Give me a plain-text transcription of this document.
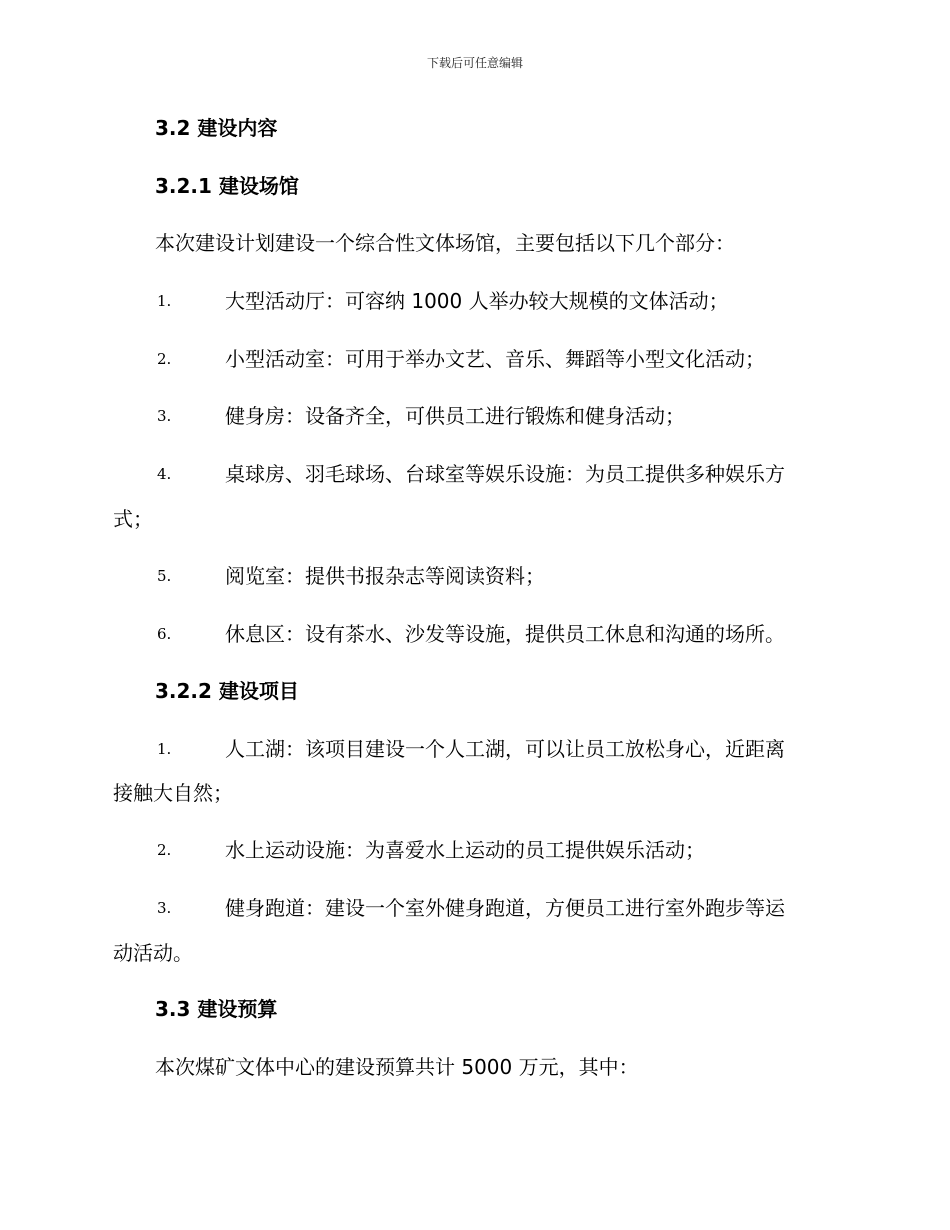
下载后可任意编辑
3.2 建设内容
3.2.1 建设场馆
本次建设计划建设一个综合性文体场馆，主要包括以下几个部分：
1.	大型活动厅：可容纳 1000 人举办较大规模的文体活动；
2.	小型活动室：可用于举办文艺、音乐、舞蹈等小型文化活动；
3.	健身房：设备齐全，可供员工进行锻炼和健身活动；
4.	桌球房、羽毛球场、台球室等娱乐设施：为员工提供多种娱乐方
式；
5.	阅览室：提供书报杂志等阅读资料；
6.	休息区：设有茶水、沙发等设施，提供员工休息和沟通的场所。
3.2.2 建设项目
1.	人工湖：该项目建设一个人工湖，可以让员工放松身心，近距离
接触大自然；
2.	水上运动设施：为喜爱水上运动的员工提供娱乐活动；
3.	健身跑道：建设一个室外健身跑道，方便员工进行室外跑步等运
动活动。
3.3 建设预算
本次煤矿文体中心的建设预算共计 5000 万元，其中：
